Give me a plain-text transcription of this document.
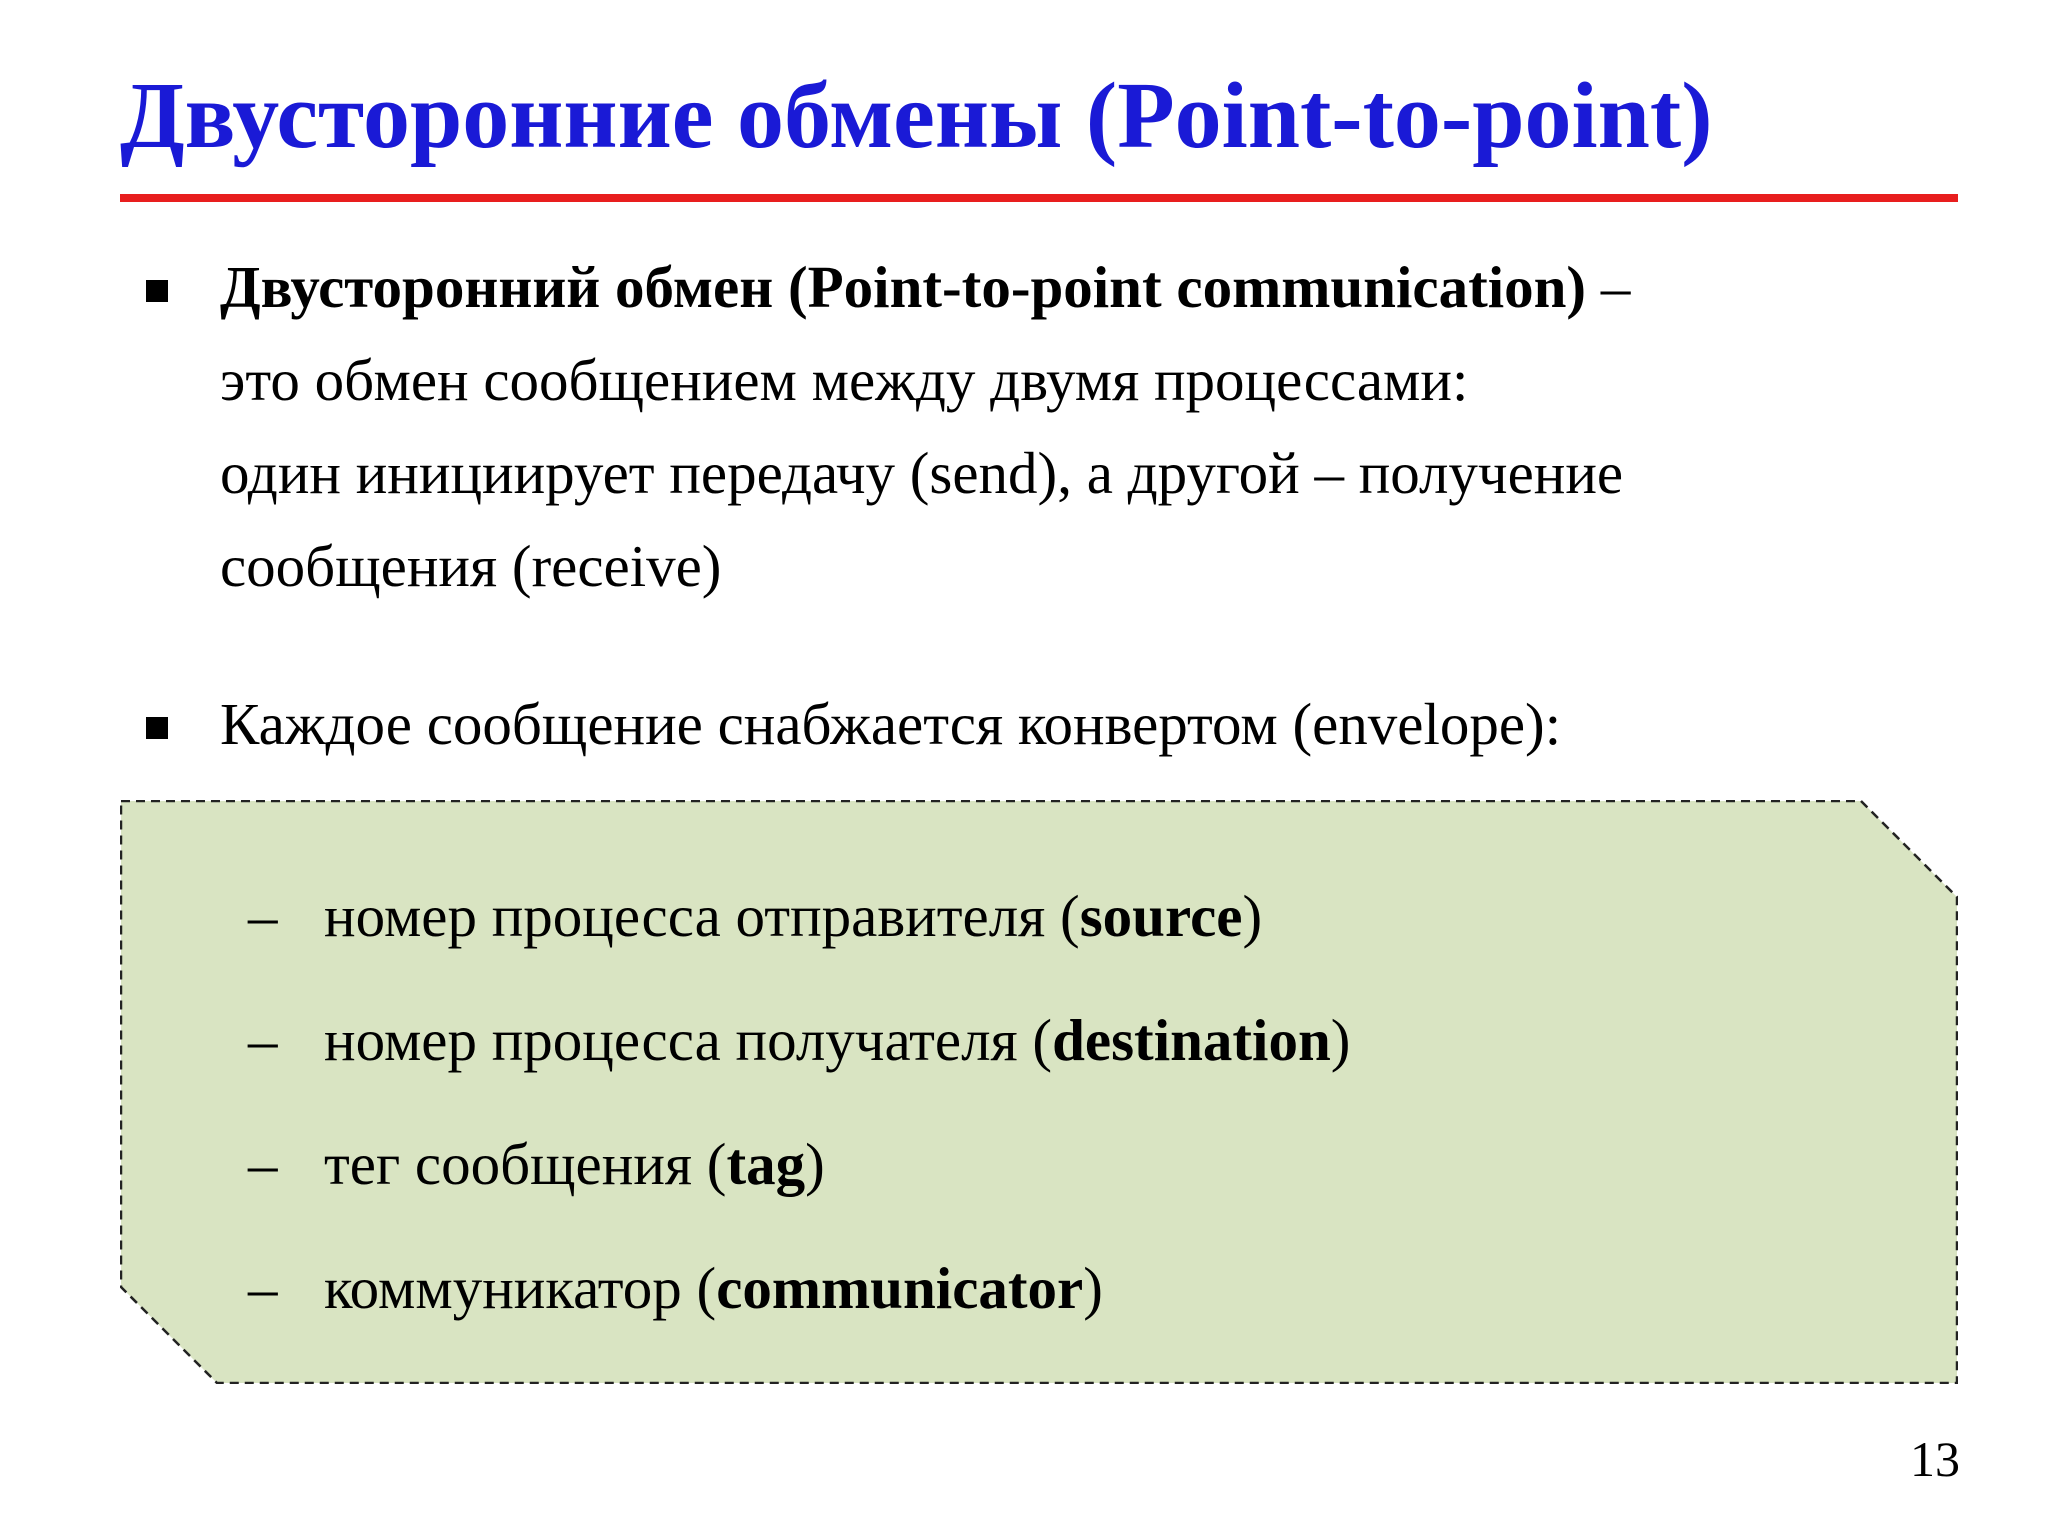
Двусторонние обмены (Point-to-point)
Двусторонний обмен (Point-to-point communication) –
это обмен сообщением между двумя процессами:
один инициирует передачу (send), а другой – получение
сообщения (receive)
Каждое сообщение снабжается конвертом (envelope):
– номер процесса отправителя (source)
– номер процесса получателя (destination)
– тег сообщения (tag)
– коммуникатор (communicator)
13
